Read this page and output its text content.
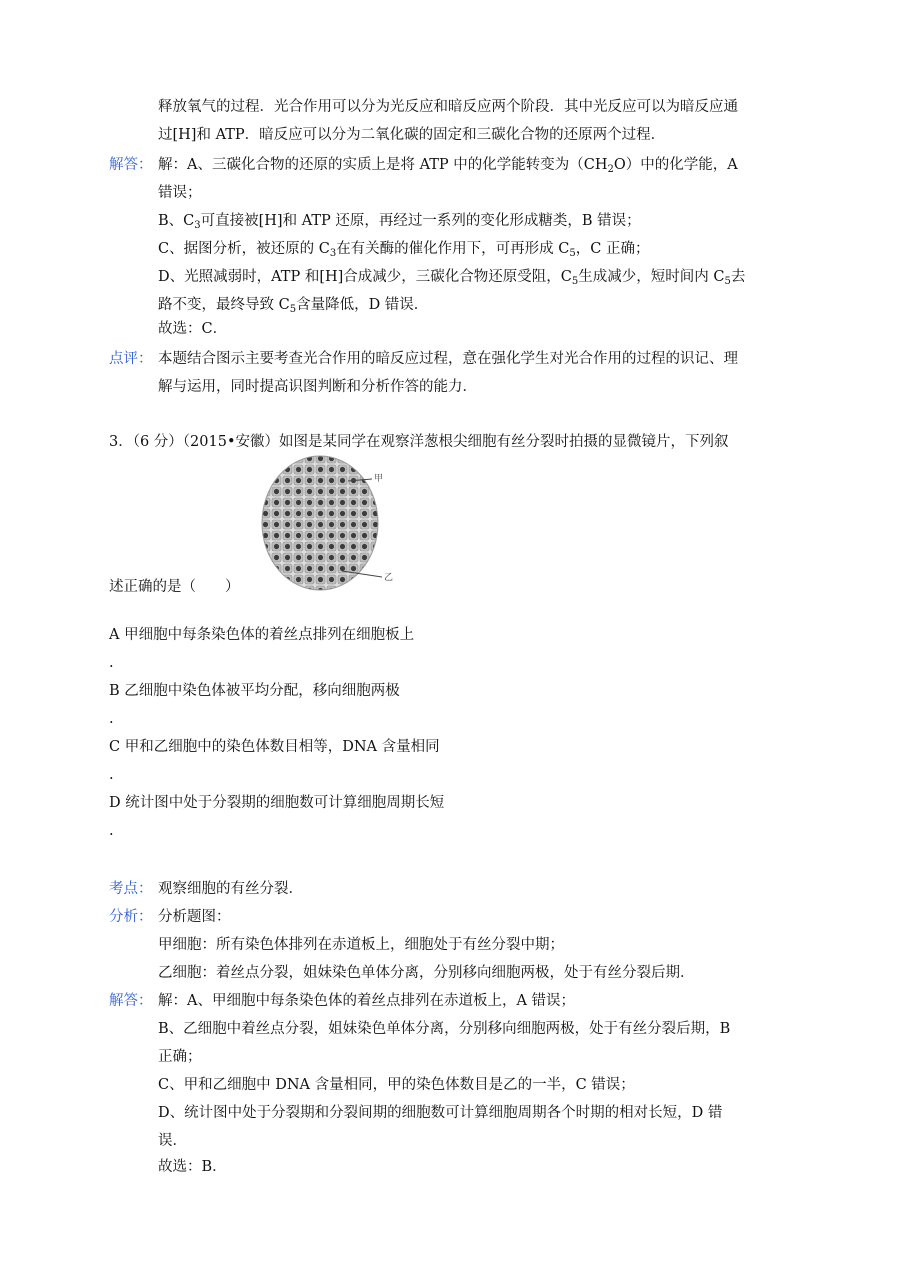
释放氧气的过程．光合作用可以分为光反应和暗反应两个阶段．其中光反应可以为暗反应通
过[H]和 ATP．暗反应可以分为二氧化碳的固定和三碳化合物的还原两个过程．
解答： 解：A、三碳化合物的还原的实质上是将 ATP 中的化学能转变为$(CH_2O)$中的化学能，A
错误；
B、$C_3$可直接被[H]和 ATP 还原，再经过一系列的变化形成糖类，B 错误；
C、据图分析，被还原的 $C_3$在有关酶的催化作用下，可再形成 $C_5$，C 正确；
D、光照减弱时，ATP 和[H]合成减少，三碳化合物还原受阻，$C_5$生成减少，短时间内 $C_5$去
路不变，最终导致 $C_5$含量降低，D 错误．
故选：C．
点评： 本题结合图示主要考查光合作用的暗反应过程，意在强化学生对光合作用的过程的识记、理
解与运用，同时提高识图判断和分析作答的能力．
3．（6 分）（2015•安徽）如图是某同学在观察洋葱根尖细胞有丝分裂时拍摄的显微镜片，下列叙
甲
乙
述正确的是（　　）
A 甲细胞中每条染色体的着丝点排列在细胞板上
.
B 乙细胞中染色体被平均分配，移向细胞两极
.
C 甲和乙细胞中的染色体数目相等，DNA 含量相同
.
D 统计图中处于分裂期的细胞数可计算细胞周期长短
.
考点： 观察细胞的有丝分裂．
分析： 分析题图：
甲细胞：所有染色体排列在赤道板上，细胞处于有丝分裂中期；
乙细胞：着丝点分裂，姐妹染色单体分离，分别移向细胞两极，处于有丝分裂后期．
解答： 解：A、甲细胞中每条染色体的着丝点排列在赤道板上，A 错误；
B、乙细胞中着丝点分裂，姐妹染色单体分离，分别移向细胞两极，处于有丝分裂后期，B
正确；
C、甲和乙细胞中 DNA 含量相同，甲的染色体数目是乙的一半，C 错误；
D、统计图中处于分裂期和分裂间期的细胞数可计算细胞周期各个时期的相对长短，D 错
误．
故选：B．
